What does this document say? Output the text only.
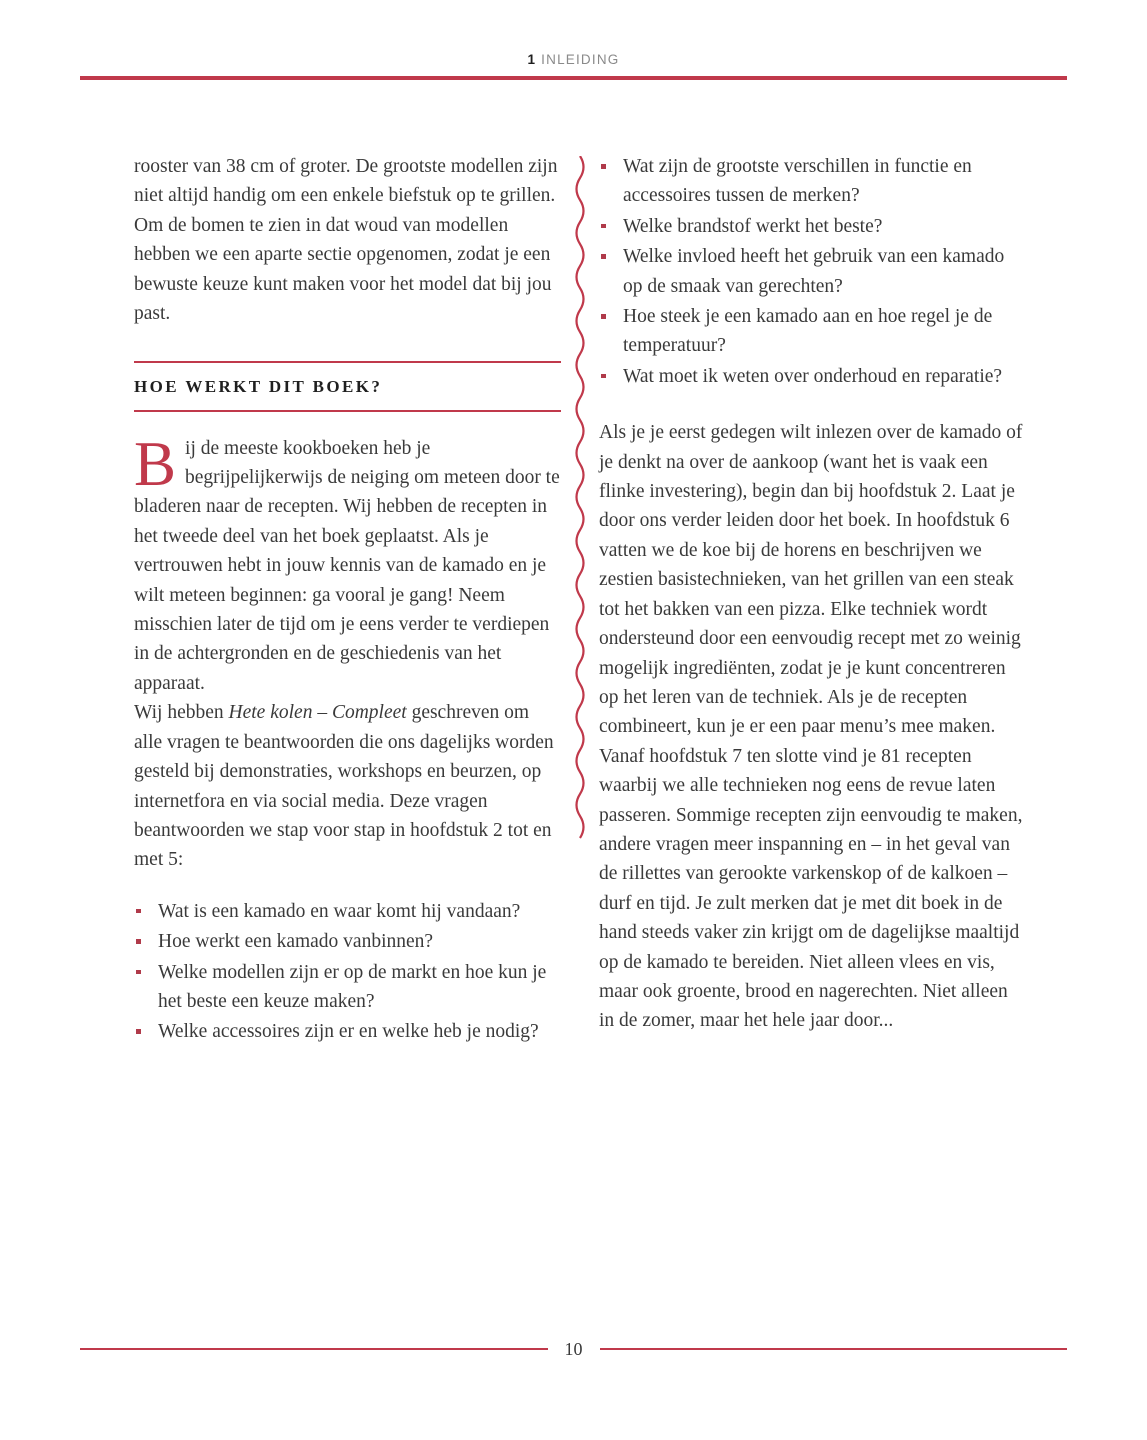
1 INLEIDING

rooster van 38 cm of groter. De grootste modellen zijn niet altijd handig om een enkele biefstuk op te grillen. Om de bomen te zien in dat woud van modellen hebben we een aparte sectie opgenomen, zodat je een bewuste keuze kunt maken voor het model dat bij jou past.

HOE WERKT DIT BOEK?

Bij de meeste kookboeken heb je begrijpelijkerwijs de neiging om meteen door te bladeren naar de recepten. Wij hebben de recepten in het tweede deel van het boek geplaatst. Als je vertrouwen hebt in jouw kennis van de kamado en je wilt meteen beginnen: ga vooral je gang! Neem misschien later de tijd om je eens verder te verdiepen in de achtergronden en de geschiedenis van het apparaat.

Wij hebben Hete kolen – Compleet geschreven om alle vragen te beantwoorden die ons dagelijks worden gesteld bij demonstraties, workshops en beurzen, op internetfora en via social media. Deze vragen beantwoorden we stap voor stap in hoofdstuk 2 tot en met 5:

Wat is een kamado en waar komt hij vandaan?
Hoe werkt een kamado vanbinnen?
Welke modellen zijn er op de markt en hoe kun je het beste een keuze maken?
Welke accessoires zijn er en welke heb je nodig?
Wat zijn de grootste verschillen in functie en accessoires tussen de merken?
Welke brandstof werkt het beste?
Welke invloed heeft het gebruik van een kamado op de smaak van gerechten?
Hoe steek je een kamado aan en hoe regel je de temperatuur?
Wat moet ik weten over onderhoud en reparatie?

Als je je eerst gedegen wilt inlezen over de kamado of je denkt na over de aankoop (want het is vaak een flinke investering), begin dan bij hoofdstuk 2. Laat je door ons verder leiden door het boek. In hoofdstuk 6 vatten we de koe bij de horens en beschrijven we zestien basistechnieken, van het grillen van een steak tot het bakken van een pizza. Elke techniek wordt ondersteund door een eenvoudig recept met zo weinig mogelijk ingrediënten, zodat je je kunt concentreren op het leren van de techniek. Als je de recepten combineert, kun je er een paar menu’s mee maken. Vanaf hoofdstuk 7 ten slotte vind je 81 recepten waarbij we alle technieken nog eens de revue laten passeren. Sommige recepten zijn eenvoudig te maken, andere vragen meer inspanning en – in het geval van de rillettes van gerookte varkenskop of de kalkoen – durf en tijd. Je zult merken dat je met dit boek in de hand steeds vaker zin krijgt om de dagelijkse maaltijd op de kamado te bereiden. Niet alleen vlees en vis, maar ook groente, brood en nagerechten. Niet alleen in de zomer, maar het hele jaar door...

10
